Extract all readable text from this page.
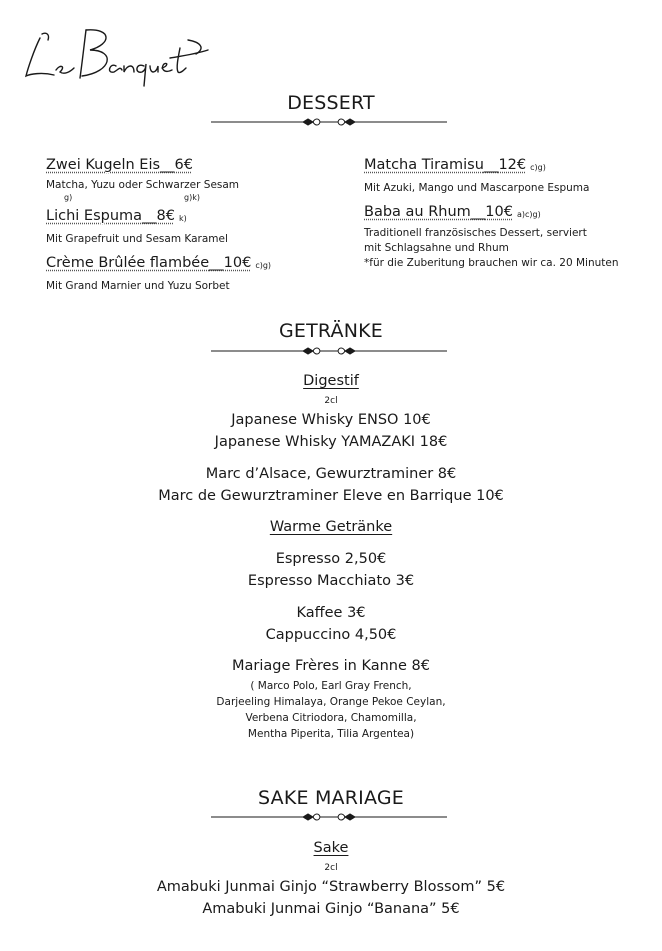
DESSERT
Zwei Kugeln Eis__6€
Matcha, Yuzu oder Schwarzer Sesam
g)	g)k)
Lichi Espuma__8€ k)
Mit Grapefruit und Sesam Karamel
Crème Brûlée flambée__10€ c)g)
Mit Grand Marnier und Yuzu Sorbet
Matcha Tiramisu__12€ c)g)
Mit Azuki, Mango und Mascarpone Espuma
Baba au Rhum__10€ a)c)g)
Traditionell französisches Dessert, serviert
mit Schlagsahne und Rhum
*für die Zuberitung brauchen wir ca. 20 Minuten
GETRÄNKE
Digestif
2cl
Japanese Whisky ENSO 10€
Japanese Whisky YAMAZAKI 18€
Marc d’Alsace, Gewurztraminer 8€
Marc de Gewurztraminer Eleve en Barrique 10€
Warme Getränke
Espresso 2,50€
Espresso Macchiato 3€
Kaffee 3€
Cappuccino 4,50€
Mariage Frères in Kanne 8€
( Marco Polo, Earl Gray French,
Darjeeling Himalaya, Orange Pekoe Ceylan,
Verbena Citriodora, Chamomilla,
Mentha Piperita, Tilia Argentea)
SAKE MARIAGE
Sake
2cl
Amabuki Junmai Ginjo “Strawberry Blossom” 5€
Amabuki Junmai Ginjo “Banana” 5€
